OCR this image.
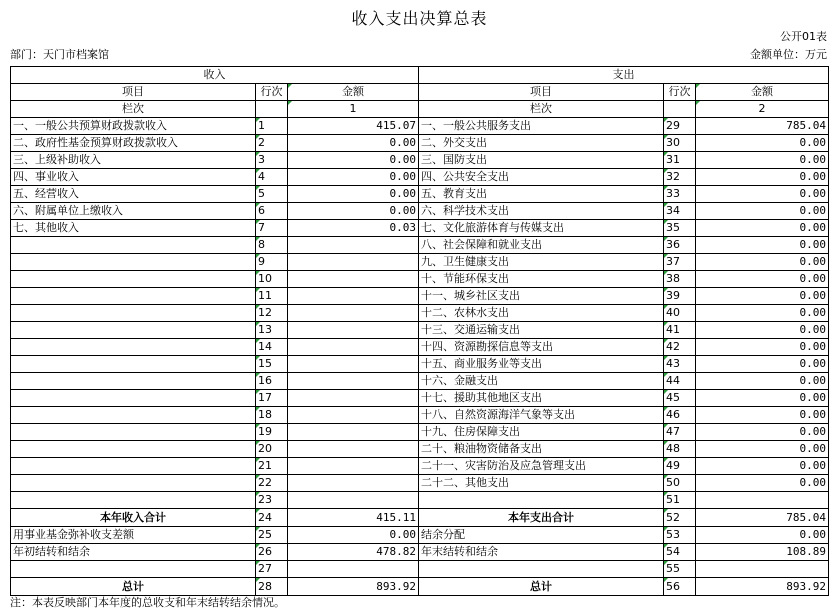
收入支出决算总表
公开01表
部门：天门市档案馆	金额单位：万元
收入			支出		
项目	行次	金额	项目	行次	金额
栏次		1	栏次		2
一、一般公共预算财政拨款收入	1	415.07	一、一般公共服务支出	29	785.04
二、政府性基金预算财政拨款收入	2	0.00	二、外交支出	30	0.00
三、上级补助收入	3	0.00	三、国防支出	31	0.00
四、事业收入	4	0.00	四、公共安全支出	32	0.00
五、经营收入	5	0.00	五、教育支出	33	0.00
六、附属单位上缴收入	6	0.00	六、科学技术支出	34	0.00
七、其他收入	7	0.03	七、文化旅游体育与传媒支出	35	0.00
	8		八、社会保障和就业支出	36	0.00
	9		九、卫生健康支出	37	0.00
	10		十、节能环保支出	38	0.00
	11		十一、城乡社区支出	39	0.00
	12		十二、农林水支出	40	0.00
	13		十三、交通运输支出	41	0.00
	14		十四、资源勘探信息等支出	42	0.00
	15		十五、商业服务业等支出	43	0.00
	16		十六、金融支出	44	0.00
	17		十七、援助其他地区支出	45	0.00
	18		十八、自然资源海洋气象等支出	46	0.00
	19		十九、住房保障支出	47	0.00
	20		二十、粮油物资储备支出	48	0.00
	21		二十一、灾害防治及应急管理支出	49	0.00
	22		二十二、其他支出	50	0.00
	23			51	
本年收入合计	24	415.11	本年支出合计	52	785.04
用事业基金弥补收支差额	25	0.00	结余分配	53	0.00
年初结转和结余	26	478.82	年末结转和结余	54	108.89
	27			55	
总计	28	893.92	总计	56	893.92
注：本表反映部门本年度的总收支和年末结转结余情况。
